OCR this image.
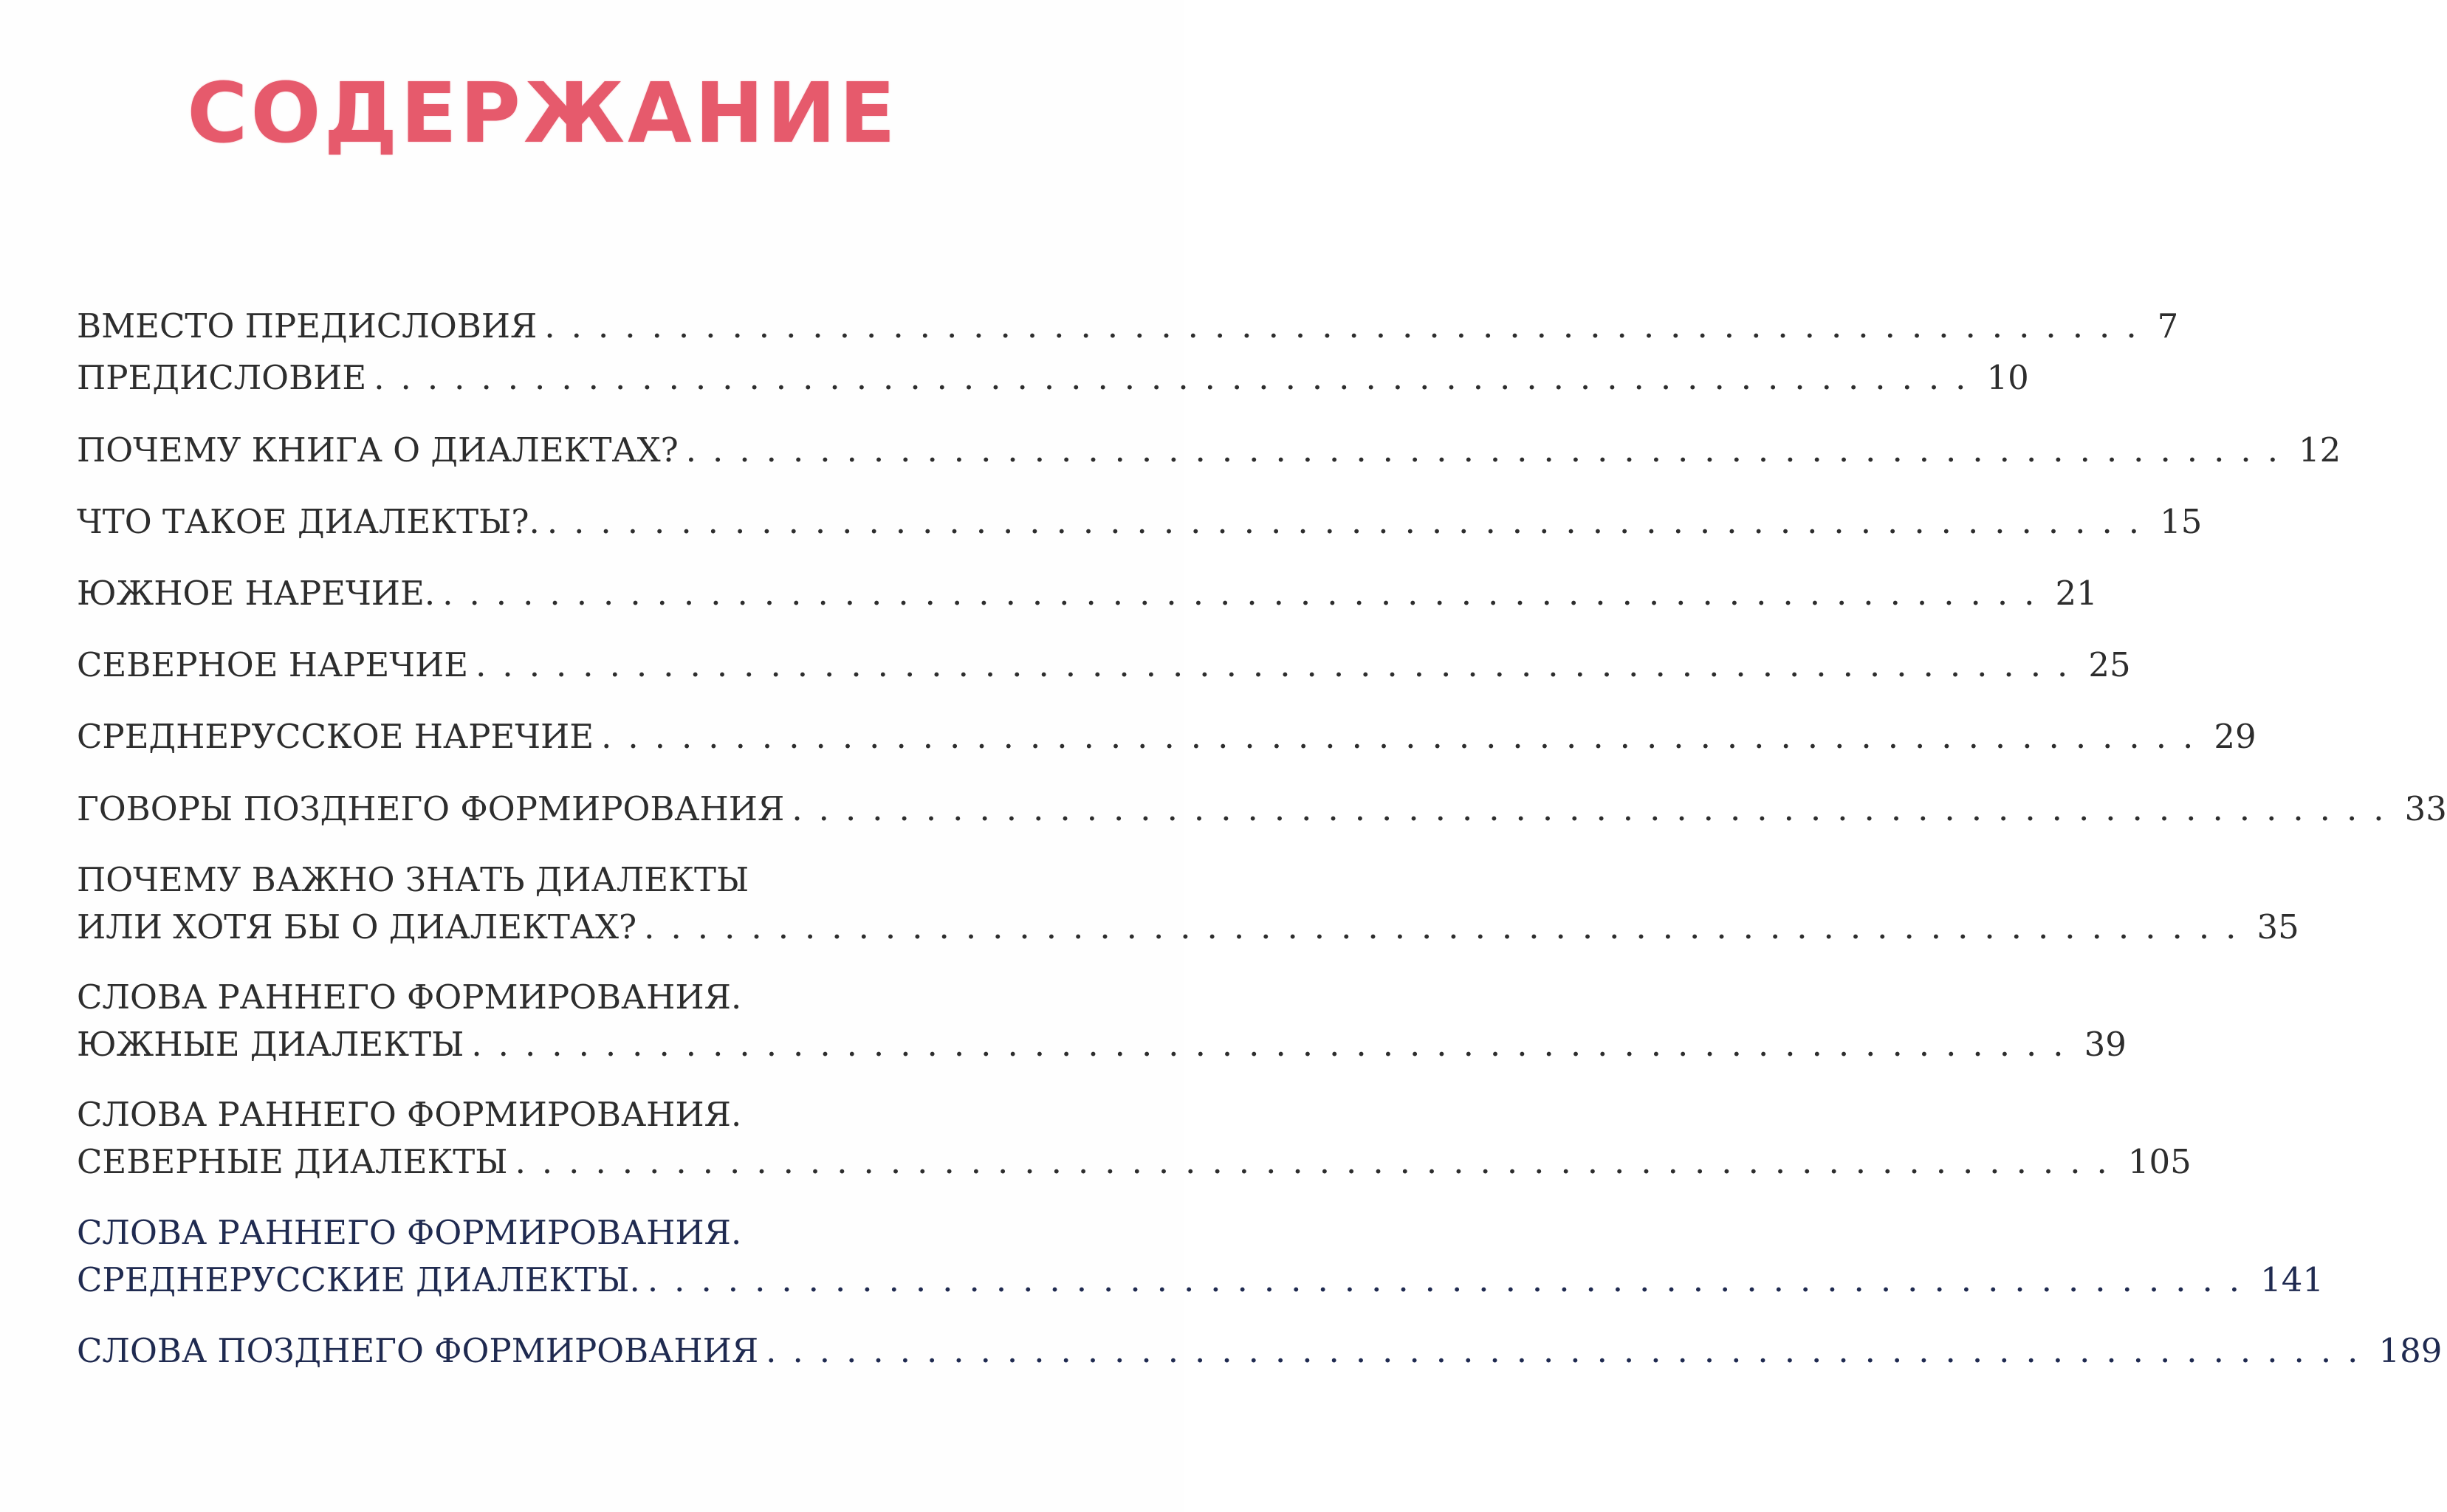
СОДЕРЖАНИЕ
ВМЕСТО ПРЕДИСЛОВИЯ ............................................................ 7
ПРЕДИСЛОВИЕ ............................................................ 10
ПОЧЕМУ КНИГА О ДИАЛЕКТАХ? ............................................................ 12
ЧТО ТАКОЕ ДИАЛЕКТЫ?. ............................................................ 15
ЮЖНОЕ НАРЕЧИЕ. ............................................................ 21
СЕВЕРНОЕ НАРЕЧИЕ ............................................................ 25
СРЕДНЕРУССКОЕ НАРЕЧИЕ ............................................................ 29
ГОВОРЫ ПОЗДНЕГО ФОРМИРОВАНИЯ ............................................................ 33
ПОЧЕМУ ВАЖНО ЗНАТЬ ДИАЛЕКТЫ
ИЛИ ХОТЯ БЫ О ДИАЛЕКТАХ? ............................................................ 35
СЛОВА РАННЕГО ФОРМИРОВАНИЯ.
ЮЖНЫЕ ДИАЛЕКТЫ ............................................................ 39
СЛОВА РАННЕГО ФОРМИРОВАНИЯ.
СЕВЕРНЫЕ ДИАЛЕКТЫ ............................................................ 105
СЛОВА РАННЕГО ФОРМИРОВАНИЯ.
СРЕДНЕРУССКИЕ ДИАЛЕКТЫ. ............................................................ 141
СЛОВА ПОЗДНЕГО ФОРМИРОВАНИЯ ............................................................ 189
